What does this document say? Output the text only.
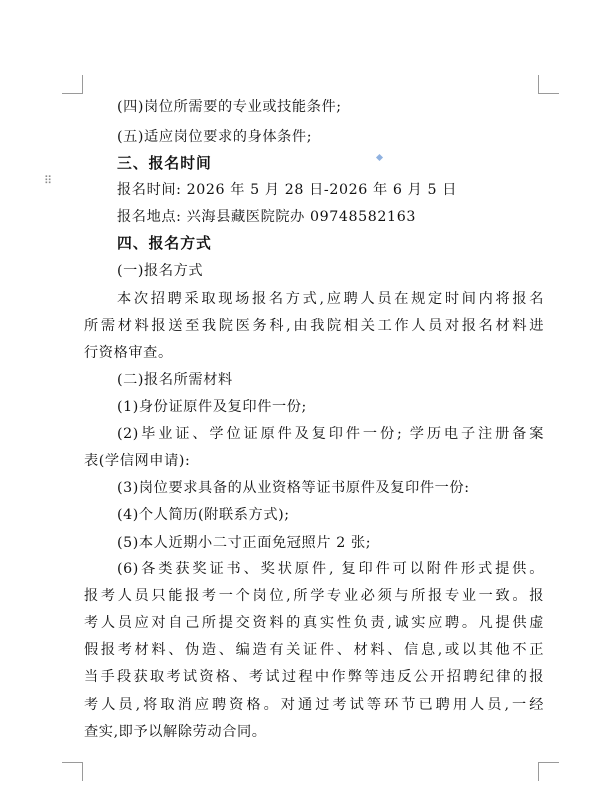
⠿
(四)岗位所需要的专业或技能条件;
(五)适应岗位要求的身体条件;
三、报名时间
报名时间: 2026 年 5 月 28 日-2026 年 6 月 5 日
报名地点: 兴海县藏医院院办 09748582163
四、报名方式
(一)报名方式
本次招聘采取现场报名方式,应聘人员在规定时间内将报名
所需材料报送至我院医务科,由我院相关工作人员对报名材料进
行资格审查。
(二)报名所需材料
(1)身份证原件及复印件一份;
(2)毕业证、学位证原件及复印件一份; 学历电子注册备案
表(学信网申请):
(3)岗位要求具备的从业资格等证书原件及复印件一份:
(4)个人简历(附联系方式);
(5)本人近期小二寸正面免冠照片 2 张;
(6)各类获奖证书、奖状原件, 复印件可以附件形式提供。
报考人员只能报考一个岗位,所学专业必须与所报专业一致。报
考人员应对自己所提交资料的真实性负责,诚实应聘。凡提供虚
假报考材料、伪造、编造有关证件、材料、信息,或以其他不正
当手段获取考试资格、考试过程中作弊等违反公开招聘纪律的报
考人员,将取消应聘资格。对通过考试等环节已聘用人员,一经
查实,即予以解除劳动合同。
